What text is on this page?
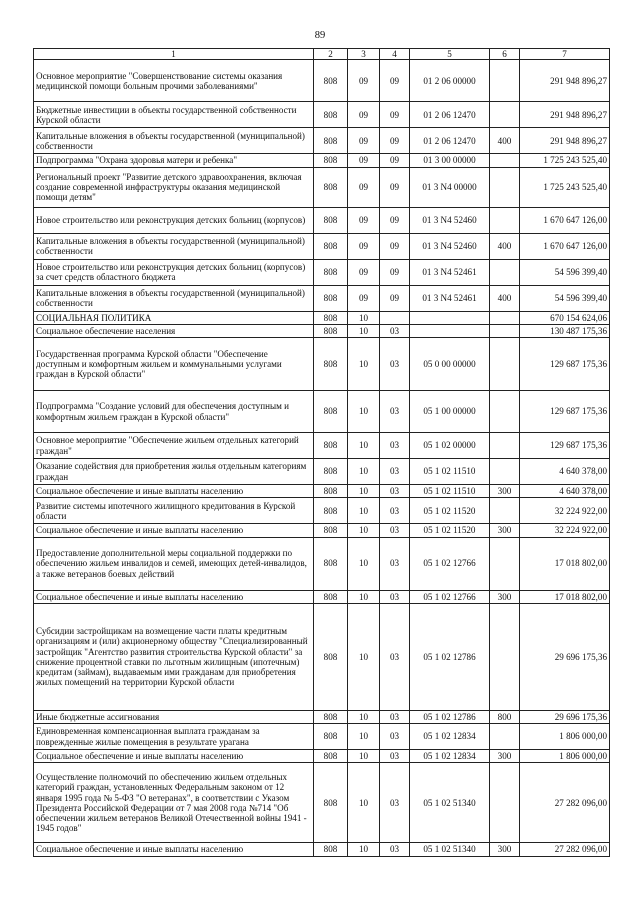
89
1	2	3	4	5	6	7
Основное мероприятие "Совершенствование системы оказания медицинской помощи больным прочими заболеваниями"	808	09	09	01 2 06 00000		291 948 896,27
Бюджетные инвестиции в объекты государственной собственности Курской области	808	09	09	01 2 06 12470		291 948 896,27
Капитальные вложения в объекты государственной (муниципальной) собственности	808	09	09	01 2 06 12470	400	291 948 896,27
Подпрограмма "Охрана здоровья матери и ребенка"	808	09	09	01 3 00 00000		1 725 243 525,40
Региональный проект "Развитие детского здравоохранения, включая создание современной инфраструктуры оказания медицинской помощи детям"	808	09	09	01 3 N4 00000		1 725 243 525,40
Новое строительство или реконструкция детских больниц (корпусов)	808	09	09	01 3 N4 52460		1 670 647 126,00
Капитальные вложения в объекты государственной (муниципальной) собственности	808	09	09	01 3 N4 52460	400	1 670 647 126,00
Новое строительство или реконструкция детских больниц (корпусов) за счет средств областного бюджета	808	09	09	01 3 N4 52461		54 596 399,40
Капитальные вложения в объекты государственной (муниципальной) собственности	808	09	09	01 3 N4 52461	400	54 596 399,40
СОЦИАЛЬНАЯ ПОЛИТИКА	808	10				670 154 624,06
Социальное обеспечение населения	808	10	03			130 487 175,36
Государственная программа Курской области "Обеспечение доступным и комфортным жильем и коммунальными услугами граждан в Курской области"	808	10	03	05 0 00 00000		129 687 175,36
Подпрограмма "Создание условий для обеспечения доступным и комфортным жильем граждан в Курской области"	808	10	03	05 1 00 00000		129 687 175,36
Основное мероприятие "Обеспечение жильем отдельных категорий граждан"	808	10	03	05 1 02 00000		129 687 175,36
Оказание содействия для приобретения жилья отдельным категориям граждан	808	10	03	05 1 02 11510		4 640 378,00
Социальное обеспечение и иные выплаты населению	808	10	03	05 1 02 11510	300	4 640 378,00
Развитие системы ипотечного жилищного кредитования в Курской области	808	10	03	05 1 02 11520		32 224 922,00
Социальное обеспечение и иные выплаты населению	808	10	03	05 1 02 11520	300	32 224 922,00
Предоставление дополнительной меры социальной поддержки по обеспечению жильем инвалидов и семей, имеющих детей-инвалидов, а также ветеранов боевых действий	808	10	03	05 1 02 12766		17 018 802,00
Социальное обеспечение и иные выплаты населению	808	10	03	05 1 02 12766	300	17 018 802,00
Субсидии застройщикам на возмещение части платы кредитным организациям и (или) акционерному обществу "Специализированный застройщик "Агентство развития строительства Курской области" за снижение процентной ставки по льготным жилищным (ипотечным) кредитам (займам), выдаваемым ими гражданам для приобретения жилых помещений на территории Курской области	808	10	03	05 1 02 12786		29 696 175,36
Иные бюджетные ассигнования	808	10	03	05 1 02 12786	800	29 696 175,36
Единовременная компенсационная выплата гражданам за поврежденные жилые помещения в результате урагана	808	10	03	05 1 02 12834		1 806 000,00
Социальное обеспечение и иные выплаты населению	808	10	03	05 1 02 12834	300	1 806 000,00
Осуществление полномочий по обеспечению жильем отдельных категорий граждан, установленных Федеральным законом от 12 января 1995 года № 5-ФЗ "О ветеранах", в соответствии с Указом Президента Российской Федерации от 7 мая 2008 года №714 "Об обеспечении жильем ветеранов Великой Отечественной войны 1941 - 1945 годов"	808	10	03	05 1 02 51340		27 282 096,00
Социальное обеспечение и иные выплаты населению	808	10	03	05 1 02 51340	300	27 282 096,00
